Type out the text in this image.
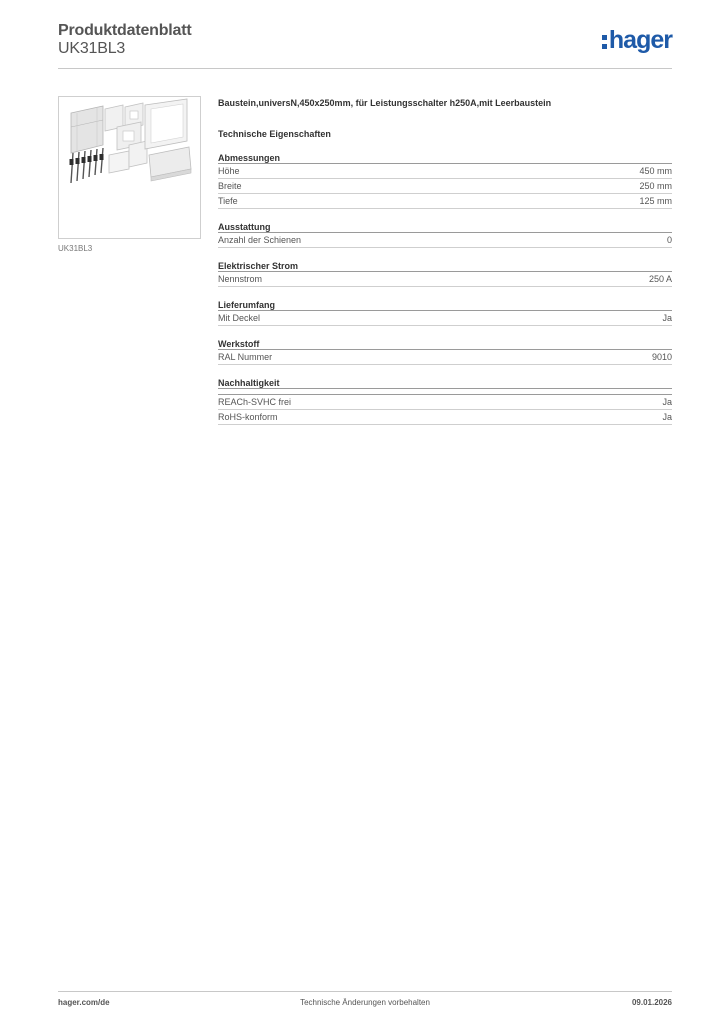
Produktdatenblatt
UK31BL3	hager
UK31BL3
Baustein,universN,450x250mm, für Leistungsschalter h250A,mit Leerbaustein
Technische Eigenschaften
Abmessungen
Höhe	450 mm
Breite	250 mm
Tiefe	125 mm
Ausstattung
Anzahl der Schienen	0
Elektrischer Strom
Nennstrom	250 A
Lieferumfang
Mit Deckel	Ja
Werkstoff
RAL Nummer	9010
Nachhaltigkeit
REACh-SVHC frei	Ja
RoHS-konform	Ja
hager.com/de	Technische Änderungen vorbehalten	09.01.2026
